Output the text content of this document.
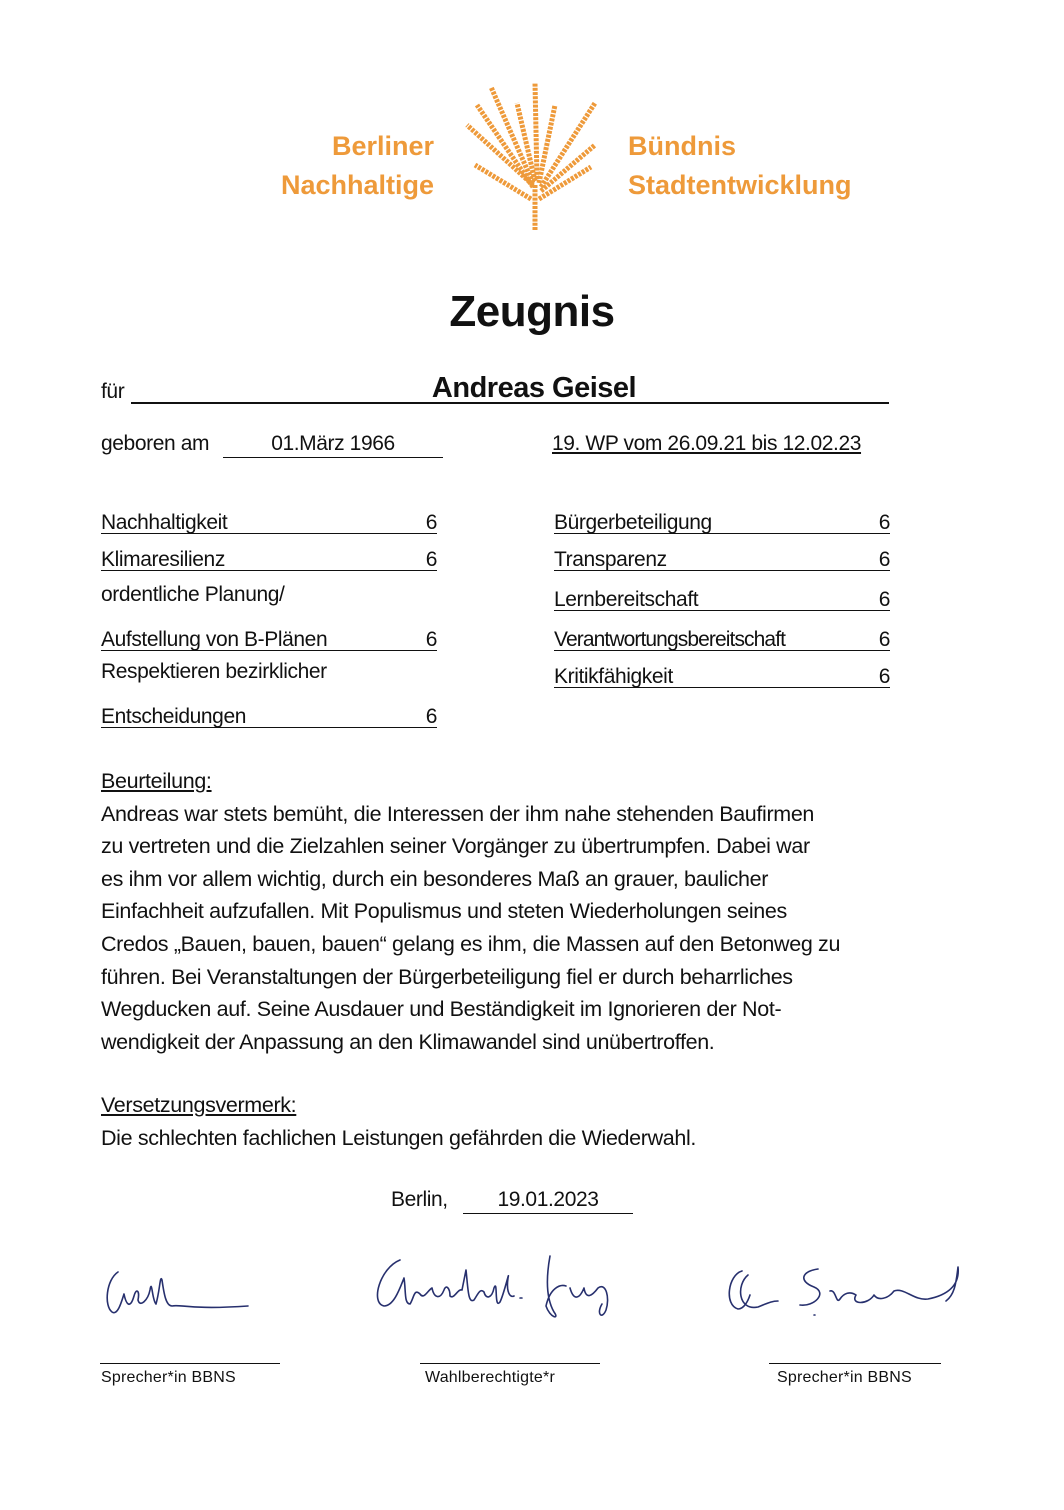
Berliner
Nachhaltige
Bündnis
Stadtentwicklung
Zeugnis
für	Andreas Geisel
geboren am	01.März 1966	19. WP vom 26.09.21 bis 12.02.23
Nachhaltigkeit	6
Klimaresilienz	6
ordentliche Planung/
Aufstellung von B-Plänen	6
Respektieren bezirklicher
Entscheidungen	6
Bürgerbeteiligung	6
Transparenz	6
Lernbereitschaft	6
Verantwortungsbereitschaft	6
Kritikfähigkeit	6
Beurteilung:
Andreas war stets bemüht, die Interessen der ihm nahe stehenden Baufirmen
zu vertreten und die Zielzahlen seiner Vorgänger zu übertrumpfen. Dabei war
es ihm vor allem wichtig, durch ein besonderes Maß an grauer, baulicher
Einfachheit aufzufallen. Mit Populismus und steten Wiederholungen seines
Credos „Bauen, bauen, bauen“ gelang es ihm, die Massen auf den Betonweg zu
führen. Bei Veranstaltungen der Bürgerbeteiligung fiel er durch beharrliches
Wegducken auf. Seine Ausdauer und Beständigkeit im Ignorieren der Not-
wendigkeit der Anpassung an den Klimawandel sind unübertroffen.
Versetzungsvermerk:
Die schlechten fachlichen Leistungen gefährden die Wiederwahl.
Berlin,	19.01.2023
Sprecher*in BBNS	Wahlberechtigte*r	Sprecher*in BBNS
